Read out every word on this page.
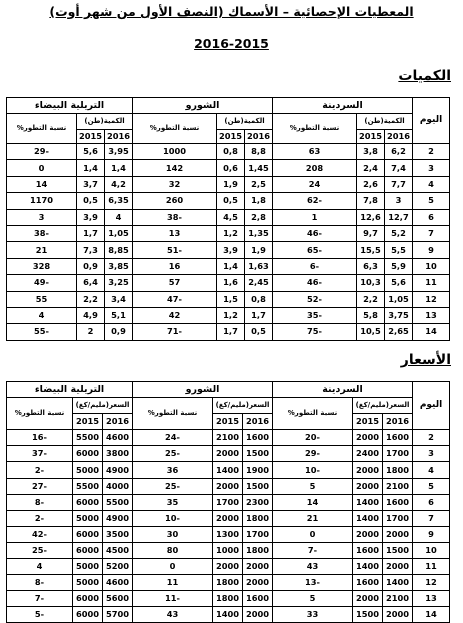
المعطيات الإحصائية – الأسماك (النصف الأول من شهر أوت)
2016-2015
الكميات
اليوم	السردينة			الشورو			التريلية البيضاء		
	الكمية(طن)		نسبة التطور%	الكمية(طن)		نسبة التطور%	الكمية(طن)		نسبة التطور%
	2016	2015		2016	2015		2016	2015	
2	6,2	3,8	63	8,8	0,8	1000	3,95	5,6	29-
3	7,4	2,4	208	1,45	0,6	142	1,4	1,4	0
4	7,7	2,6	24	2,5	1,9	32	4,2	3,7	14
5	3	7,8	62-	1,8	0,5	260	6,35	0,5	1170
6	12,7	12,6	1	2,8	4,5	38-	4	3,9	3
7	5,2	9,7	46-	1,35	1,2	13	1,05	1,7	38-
9	5,5	15,5	65-	1,9	3,9	51-	8,85	7,3	21
10	5,9	6,3	6-	1,63	1,4	16	3,85	0,9	328
11	5,6	10,3	46-	2,45	1,6	57	3,25	6,4	49-
12	1,05	2,2	52-	0,8	1,5	47-	3,4	2,2	55
13	3,75	5,8	35-	1,7	1,2	42	5,1	4,9	4
14	2,65	10,5	75-	0,5	1,7	71-	0,9	2	55-
الأسعار
اليوم	السردينة			الشورو			التريلية البيضاء		
	السعر(مليم/كغ)		نسبة التطور%	السعر(مليم/كغ)		نسبة التطور%	السعر(مليم/كغ)		نسبة التطور%
	2016	2015		2016	2015		2016	2015	
2	1600	2000	20-	1600	2100	24-	4600	5500	16-
3	1700	2400	29-	1500	2000	25-	3800	6000	37-
4	1800	2000	10-	1900	1400	36	4900	5000	2-
5	2100	2000	5	1500	2000	25-	4000	5500	27-
6	1600	1400	14	2300	1700	35	5500	6000	8-
7	1700	1400	21	1800	2000	10-	4900	5000	2-
9	2000	2000	0	1700	1300	30	3500	6000	42-
10	1500	1600	7-	1800	1000	80	4500	6000	25-
11	2000	1400	43	2000	2000	0	5200	5000	4
12	1400	1600	13-	2000	1800	11	4600	5000	8-
13	2100	2000	5	1600	1800	11-	5600	6000	7-
14	2000	1500	33	2000	1400	43	5700	6000	5-
